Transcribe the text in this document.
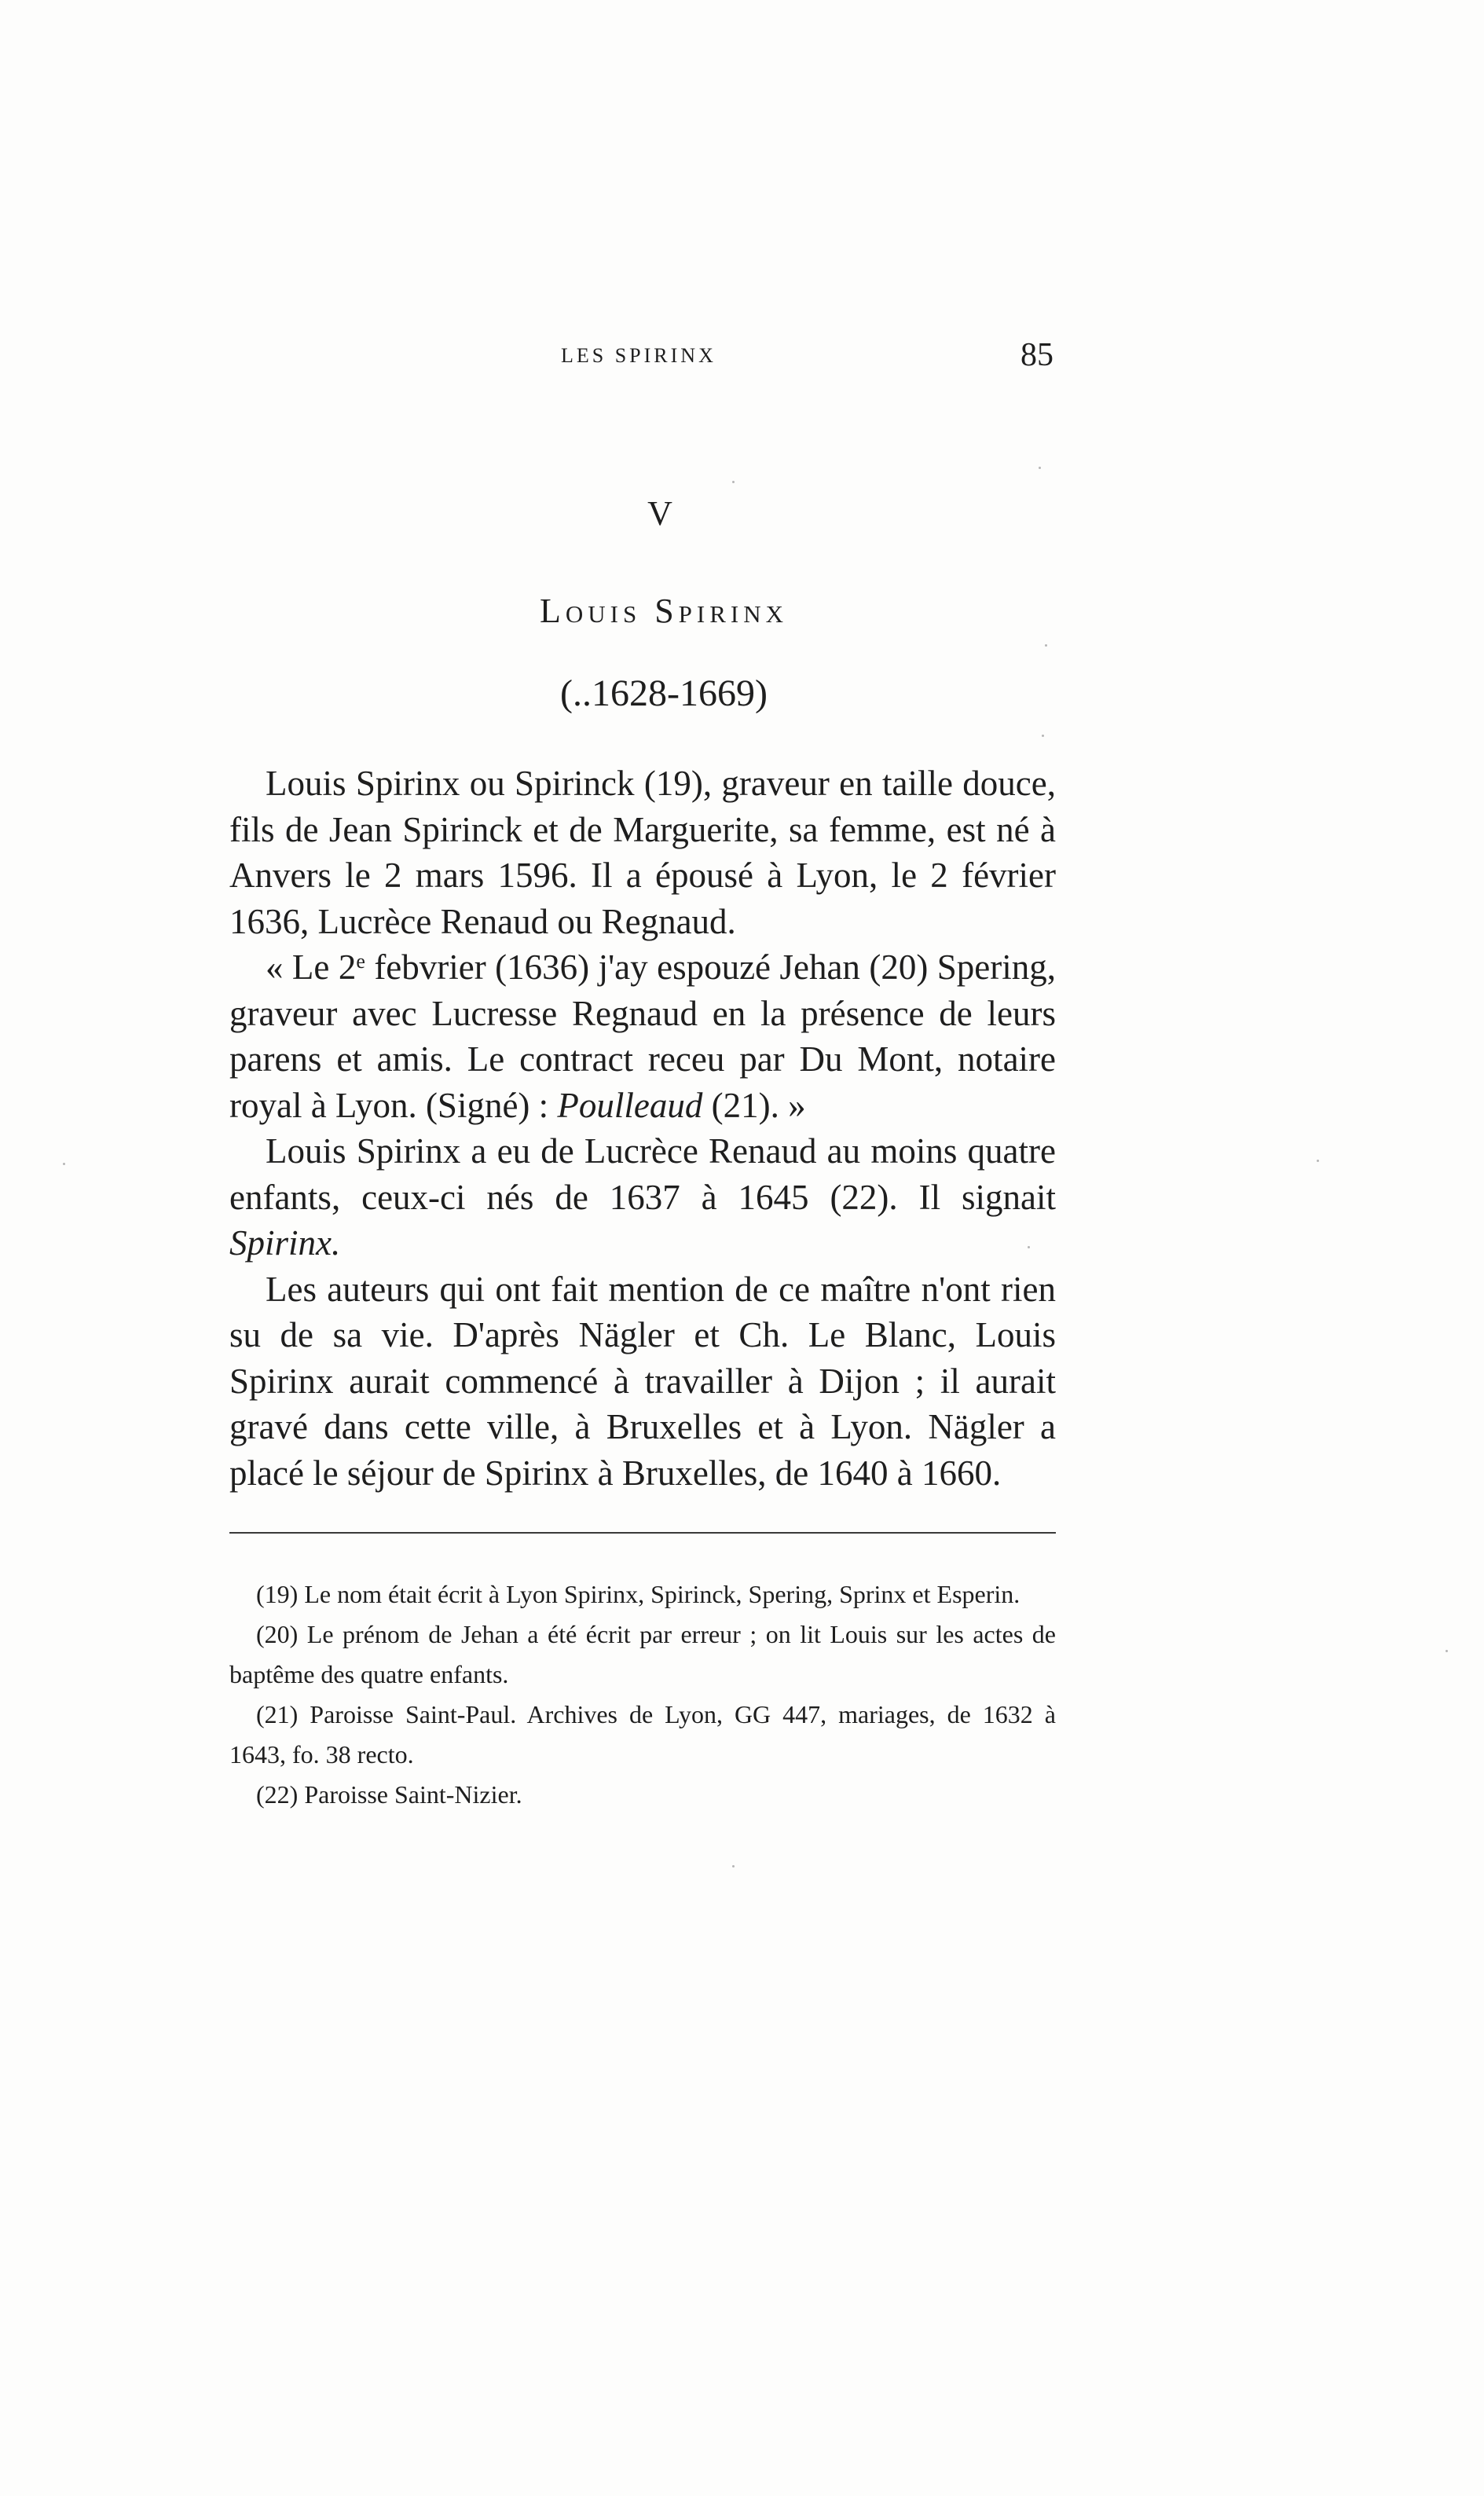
LES SPIRINX	85
V
Louis Spirinx
(..1628-1669)

Louis Spirinx ou Spirinck (19), graveur en taille douce, fils de Jean Spirinck et de Marguerite, sa femme, est né à Anvers le 2 mars 1596. Il a épousé à Lyon, le 2 février 1636, Lucrèce Renaud ou Regnaud.

« Le 2e febvrier (1636) j'ay espouzé Jehan (20) Spering, graveur avec Lucresse Regnaud en la présence de leurs parens et amis. Le contract receu par Du Mont, notaire royal à Lyon. (Signé) : Poulleaud (21). »

Louis Spirinx a eu de Lucrèce Renaud au moins quatre enfants, ceux-ci nés de 1637 à 1645 (22). Il signait Spirinx.

Les auteurs qui ont fait mention de ce maître n'ont rien su de sa vie. D'après Nägler et Ch. Le Blanc, Louis Spirinx aurait commencé à travailler à Dijon ; il aurait gravé dans cette ville, à Bruxelles et à Lyon. Nägler a placé le séjour de Spirinx à Bruxelles, de 1640 à 1660.

(19) Le nom était écrit à Lyon Spirinx, Spirinck, Spering, Sprinx et Esperin.

(20) Le prénom de Jehan a été écrit par erreur ; on lit Louis sur les actes de baptême des quatre enfants.

(21) Paroisse Saint-Paul. Archives de Lyon, GG 447, mariages, de 1632 à 1643, fo. 38 recto.

(22) Paroisse Saint-Nizier.
